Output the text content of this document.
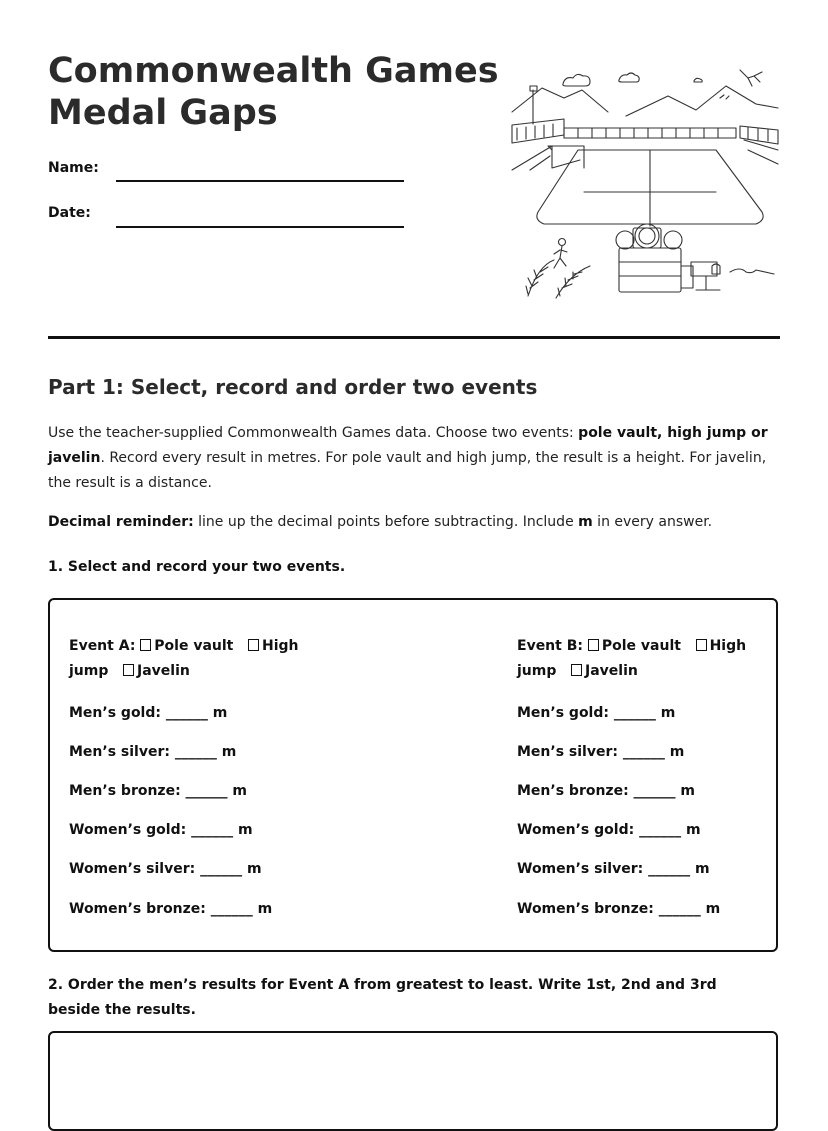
Commonwealth Games
Medal Gaps
Name:
Date:
Part 1: Select, record and order two events

Use the teacher-supplied Commonwealth Games data. Choose two events: pole vault, high jump or javelin. Record every result in metres. For pole vault and high jump, the result is a height. For javelin, the result is a distance.

Decimal reminder: line up the decimal points before subtracting. Include m in every answer.

1. Select and record your two events.

Event A: Pole vault High
jump Javelin
Men’s gold: ______ m
Men’s silver: ______ m
Men’s bronze: ______ m
Women’s gold: ______ m
Women’s silver: ______ m
Women’s bronze: ______ m
Event B: Pole vault High
jump Javelin
Men’s gold: ______ m
Men’s silver: ______ m
Men’s bronze: ______ m
Women’s gold: ______ m
Women’s silver: ______ m
Women’s bronze: ______ m

2. Order the men’s results for Event A from greatest to least. Write 1st, 2nd and 3rd beside the results.
